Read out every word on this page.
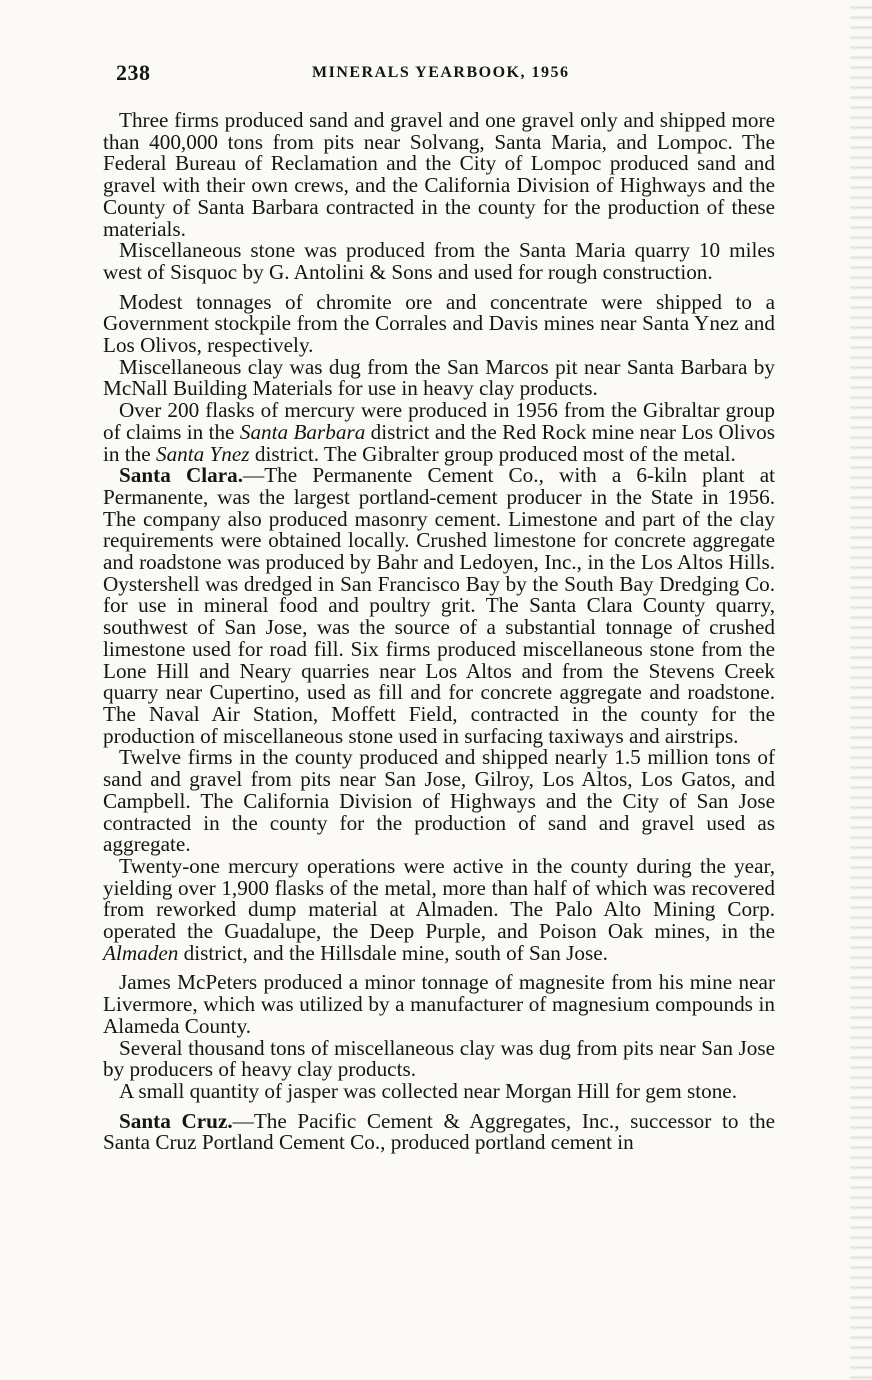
238	MINERALS YEARBOOK, 1956

Three firms produced sand and gravel and one gravel only and shipped more than 400,000 tons from pits near Solvang, Santa Maria, and Lompoc. The Federal Bureau of Reclamation and the City of Lompoc produced sand and gravel with their own crews, and the California Division of Highways and the County of Santa Barbara contracted in the county for the production of these materials.

Miscellaneous stone was produced from the Santa Maria quarry 10 miles west of Sisquoc by G. Antolini & Sons and used for rough construction.

Modest tonnages of chromite ore and concentrate were shipped to a Government stockpile from the Corrales and Davis mines near Santa Ynez and Los Olivos, respectively.

Miscellaneous clay was dug from the San Marcos pit near Santa Barbara by McNall Building Materials for use in heavy clay products.

Over 200 flasks of mercury were produced in 1956 from the Gibraltar group of claims in the Santa Barbara district and the Red Rock mine near Los Olivos in the Santa Ynez district. The Gibralter group produced most of the metal.

Santa Clara.—The Permanente Cement Co., with a 6-kiln plant at Permanente, was the largest portland-cement producer in the State in 1956. The company also produced masonry cement. Limestone and part of the clay requirements were obtained locally. Crushed limestone for concrete aggregate and roadstone was produced by Bahr and Ledoyen, Inc., in the Los Altos Hills. Oystershell was dredged in San Francisco Bay by the South Bay Dredging Co. for use in mineral food and poultry grit. The Santa Clara County quarry, southwest of San Jose, was the source of a substantial tonnage of crushed limestone used for road fill. Six firms produced miscellaneous stone from the Lone Hill and Neary quarries near Los Altos and from the Stevens Creek quarry near Cupertino, used as fill and for concrete aggregate and roadstone. The Naval Air Station, Moffett Field, contracted in the county for the production of miscellaneous stone used in surfacing taxiways and airstrips.

Twelve firms in the county produced and shipped nearly 1.5 million tons of sand and gravel from pits near San Jose, Gilroy, Los Altos, Los Gatos, and Campbell. The California Division of Highways and the City of San Jose contracted in the county for the production of sand and gravel used as aggregate.

Twenty-one mercury operations were active in the county during the year, yielding over 1,900 flasks of the metal, more than half of which was recovered from reworked dump material at Almaden. The Palo Alto Mining Corp. operated the Guadalupe, the Deep Purple, and Poison Oak mines, in the Almaden district, and the Hillsdale mine, south of San Jose.

James McPeters produced a minor tonnage of magnesite from his mine near Livermore, which was utilized by a manufacturer of magnesium compounds in Alameda County.

Several thousand tons of miscellaneous clay was dug from pits near San Jose by producers of heavy clay products.

A small quantity of jasper was collected near Morgan Hill for gem stone.

Santa Cruz.—The Pacific Cement & Aggregates, Inc., successor to the Santa Cruz Portland Cement Co., produced portland cement in
